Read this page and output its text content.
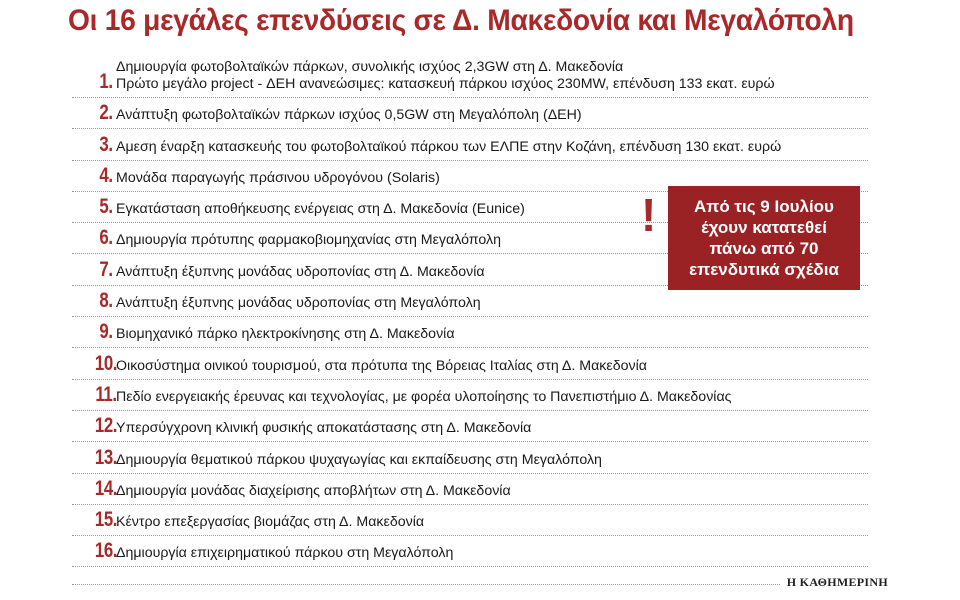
Οι 16 μεγάλες επενδύσεις σε Δ. Μακεδονία και Μεγαλόπολη
1.
Δημιουργία φωτοβολταϊκών πάρκων, συνολικής ισχύος 2,3GW στη Δ. Μακεδονία
Πρώτο μεγάλο project - ΔΕΗ ανανεώσιμες: κατασκευή πάρκου ισχύος 230MW, επένδυση 133 εκατ. ευρώ
2. Ανάπτυξη φωτοβολταϊκών πάρκων ισχύος 0,5GW στη Μεγαλόπολη (ΔΕΗ)
3. Αμεση έναρξη κατασκευής του φωτοβολταϊκού πάρκου των ΕΛΠΕ στην Κοζάνη, επένδυση 130 εκατ. ευρώ
4. Μονάδα παραγωγής πράσινου υδρογόνου (Solaris)
5. Εγκατάσταση αποθήκευσης ενέργειας στη Δ. Μακεδονία (Eunice)
6. Δημιουργία πρότυπης φαρμακοβιομηχανίας στη Μεγαλόπολη
7. Ανάπτυξη έξυπνης μονάδας υδροπονίας στη Δ. Μακεδονία
8. Ανάπτυξη έξυπνης μονάδας υδροπονίας στη Μεγαλόπολη
9. Βιομηχανικό πάρκο ηλεκτροκίνησης στη Δ. Μακεδονία
10.
Οικοσύστημα οινικού τουρισμού, στα πρότυπα της Βόρειας Ιταλίας στη Δ. Μακεδονία
11. Πεδίο ενεργειακής έρευνας και τεχνολογίας, με φορέα υλοποίησης το Πανεπιστήμιο Δ. Μακεδονίας
12.
Υπερσύγχρονη κλινική φυσικής αποκατάστασης στη Δ. Μακεδονία
13.
Δημιουργία θεματικού πάρκου ψυχαγωγίας και εκπαίδευσης στη Μεγαλόπολη
14.
Δημιουργία μονάδας διαχείρισης αποβλήτων στη Δ. Μακεδονία
15.
Κέντρο επεξεργασίας βιομάζας στη Δ. Μακεδονία
16.
Δημιουργία επιχειρηματικού πάρκου στη Μεγαλόπολη
!	Από τις 9 Ιουλίου
έχουν κατατεθεί
πάνω από 70
επενδυτικά σχέδια
Η ΚΑΘΗΜΕΡΙΝΗ
